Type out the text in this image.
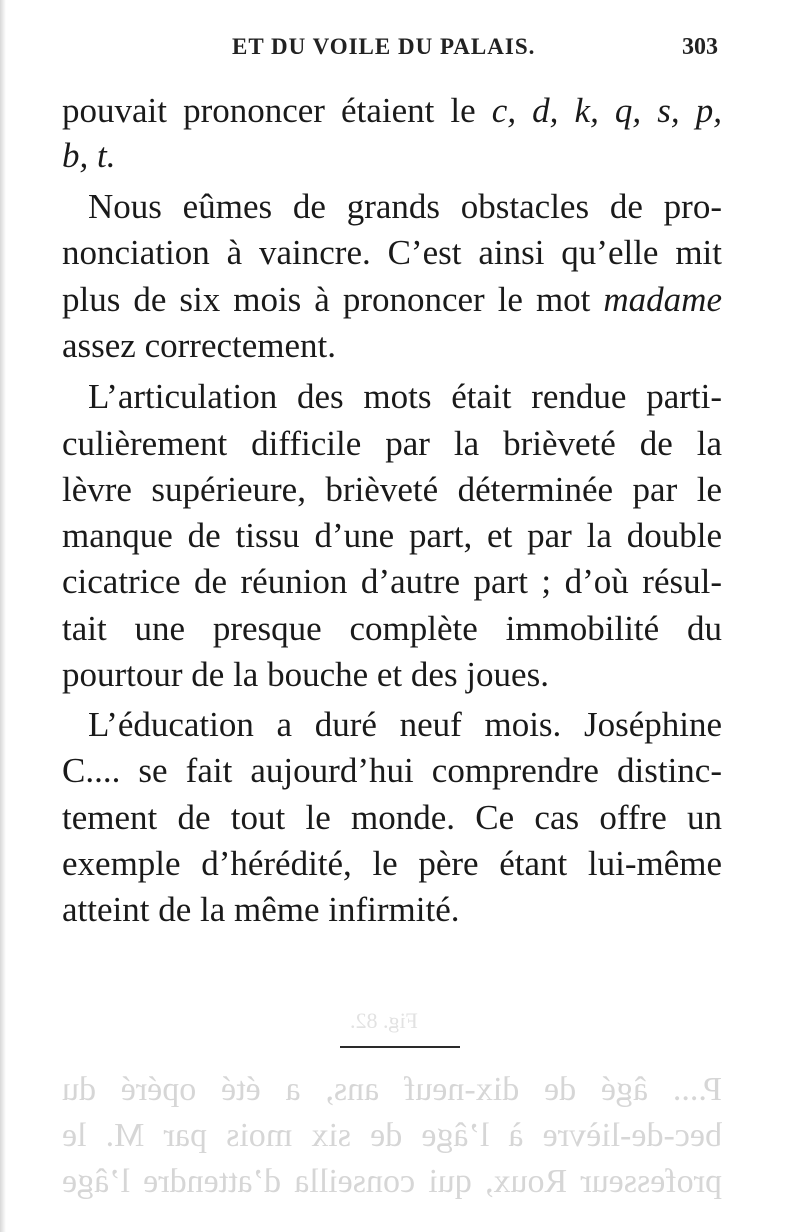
ET DU VOILE DU PALAIS.	303
pouvait prononcer étaient le c, d, k, q, s, p,
b, t.
Nous eûmes de grands obstacles de pro-
nonciation à vaincre. C’est ainsi qu’elle mit
plus de six mois à prononcer le mot madame
assez correctement.
L’articulation des mots était rendue parti-
culièrement difficile par la brièveté de la
lèvre supérieure, brièveté déterminée par le
manque de tissu d’une part, et par la double
cicatrice de réunion d’autre part ; d’où résul-
tait une presque complète immobilité du
pourtour de la bouche et des joues.
L’éducation a duré neuf mois. Joséphine
C.... se fait aujourd’hui comprendre distinc-
tement de tout le monde. Ce cas offre un
exemple d’hérédité, le père étant lui-même
atteint de la même infirmité.
Fig. 82.
P.... âgé de dix-neuf ans, a été opéré du
bec-de-lièvre à l’âge de six mois par M. le
professeur Roux, qui conseilla d’attendre l’âge
